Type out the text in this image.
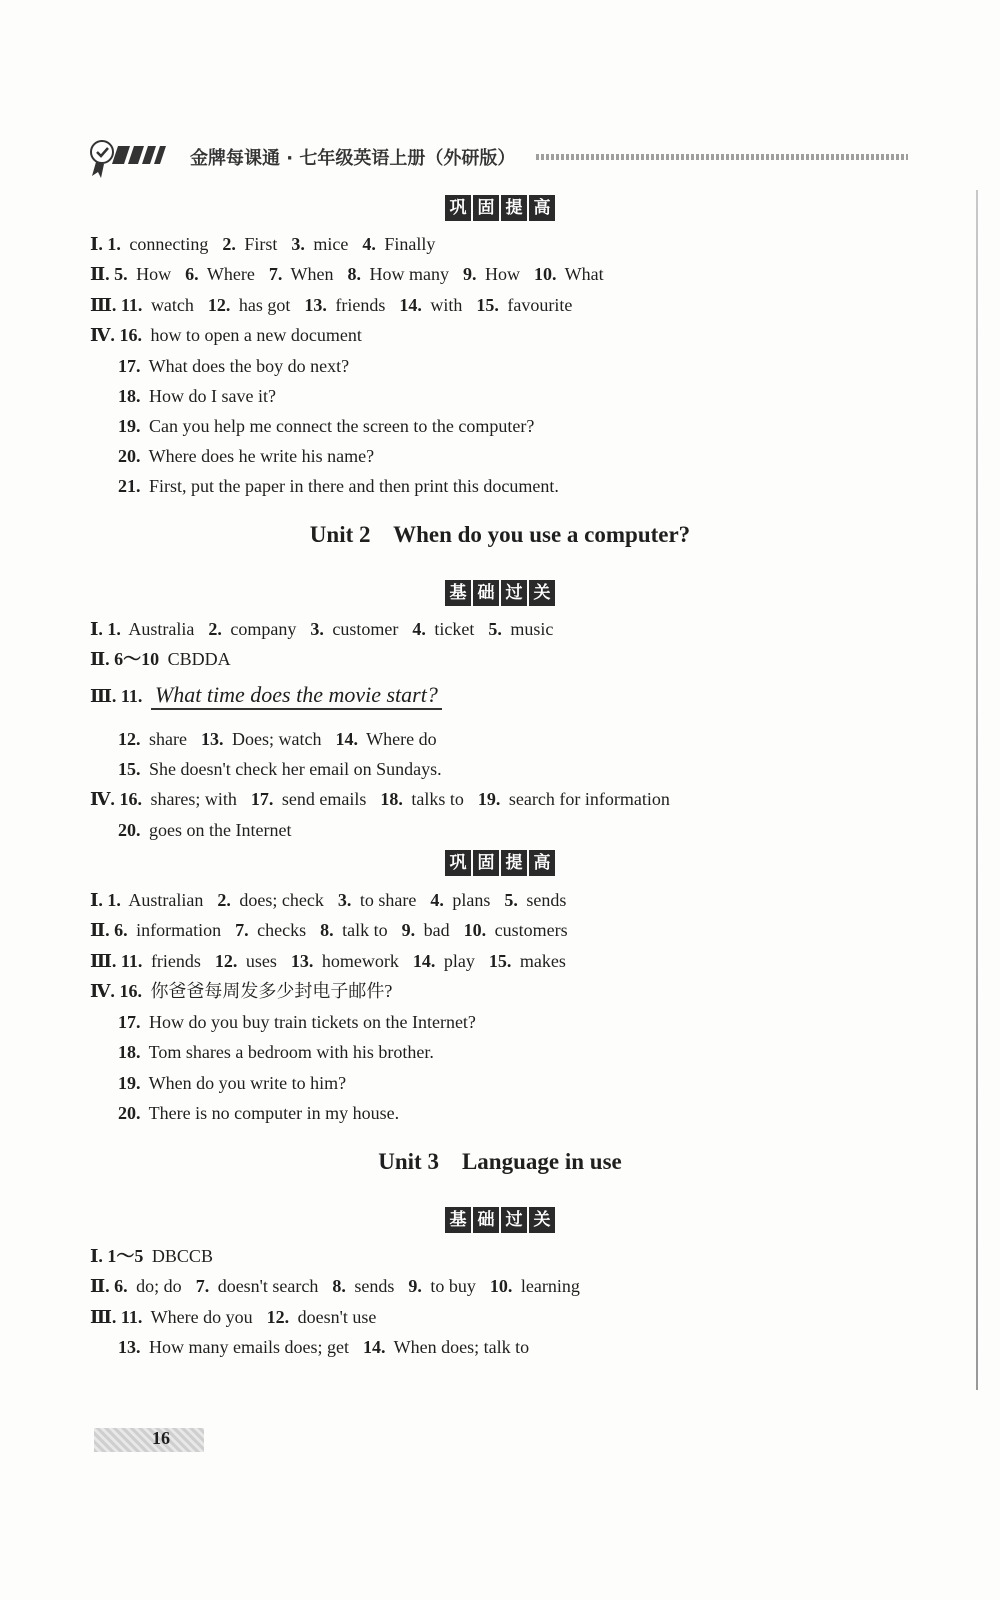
金牌每课通 · 七年级英语上册（外研版）
巩 固 提 高
Ⅰ. 1. connecting 2. First 3. mice 4. Finally
Ⅱ. 5. How 6. Where 7. When 8. How many 9. How 10. What
Ⅲ. 11. watch 12. has got 13. friends 14. with 15. favourite
Ⅳ. 16. how to open a new document
17. What does the boy do next?
18. How do I save it?
19. Can you help me connect the screen to the computer?
20. Where does he write his name?
21. First, put the paper in there and then print this document.
Unit 2    When do you use a computer?
基 础 过 关
Ⅰ. 1. Australia 2. company 3. customer 4. ticket 5. music
Ⅱ. 6～10 CBDDA
Ⅲ. 11. What time does the movie start?
12. share 13. Does; watch 14. Where do
15. She doesn't check her email on Sundays.
Ⅳ. 16. shares; with 17. send emails 18. talks to 19. search for information
20. goes on the Internet
巩 固 提 高
Ⅰ. 1. Australian 2. does; check 3. to share 4. plans 5. sends
Ⅱ. 6. information 7. checks 8. talk to 9. bad 10. customers
Ⅲ. 11. friends 12. uses 13. homework 14. play 15. makes
Ⅳ. 16. 你爸爸每周发多少封电子邮件?
17. How do you buy train tickets on the Internet?
18. Tom shares a bedroom with his brother.
19. When do you write to him?
20. There is no computer in my house.
Unit 3    Language in use
基 础 过 关
Ⅰ. 1～5 DBCCB
Ⅱ. 6. do; do 7. doesn't search 8. sends 9. to buy 10. learning
Ⅲ. 11. Where do you 12. doesn't use
13. How many emails does; get 14. When does; talk to
16
